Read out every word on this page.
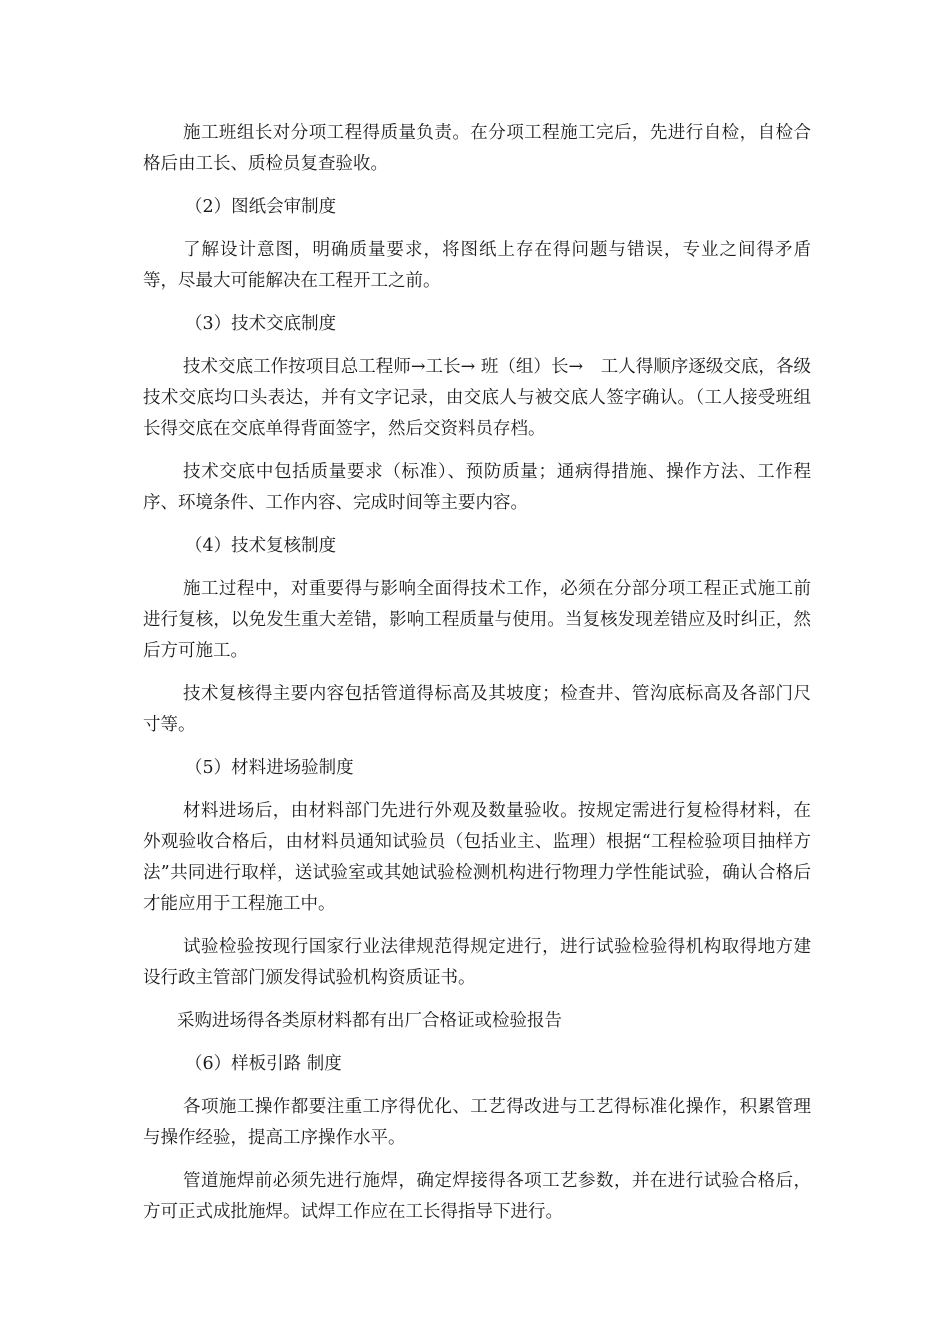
施工班组长对分项工程得质量负责。在分项工程施工完后，先进行自检，自检合格后由工长、质检员复查验收。

（2）图纸会审制度

了解设计意图，明确质量要求，将图纸上存在得问题与错误，专业之间得矛盾等，尽最大可能解决在工程开工之前。

（3）技术交底制度

技术交底工作按项目总工程师→工长→ 班（组）长→　工人得顺序逐级交底，各级技术交底均口头表达，并有文字记录，由交底人与被交底人签字确认。（工人接受班组长得交底在交底单得背面签字，然后交资料员存档。

技术交底中包括质量要求（标准）、预防质量；通病得措施、操作方法、工作程序、环境条件、工作内容、完成时间等主要内容。

（4）技术复核制度

施工过程中，对重要得与影响全面得技术工作，必须在分部分项工程正式施工前进行复核，以免发生重大差错，影响工程质量与使用。当复核发现差错应及时纠正，然后方可施工。

技术复核得主要内容包括管道得标高及其坡度；检查井、管沟底标高及各部门尺寸等。

（5）材料进场验制度

材料进场后，由材料部门先进行外观及数量验收。按规定需进行复检得材料，在外观验收合格后，由材料员通知试验员（包括业主、监理）根据“工程检验项目抽样方法”共同进行取样，送试验室或其她试验检测机构进行物理力学性能试验，确认合格后才能应用于工程施工中。

试验检验按现行国家行业法律规范得规定进行，进行试验检验得机构取得地方建设行政主管部门颁发得试验机构资质证书。

采购进场得各类原材料都有出厂合格证或检验报告

（6）样板引路 制度

各项施工操作都要注重工序得优化、工艺得改进与工艺得标准化操作，积累管理与操作经验，提高工序操作水平。

管道施焊前必须先进行施焊，确定焊接得各项工艺参数，并在进行试验合格后，方可正式成批施焊。试焊工作应在工长得指导下进行。
